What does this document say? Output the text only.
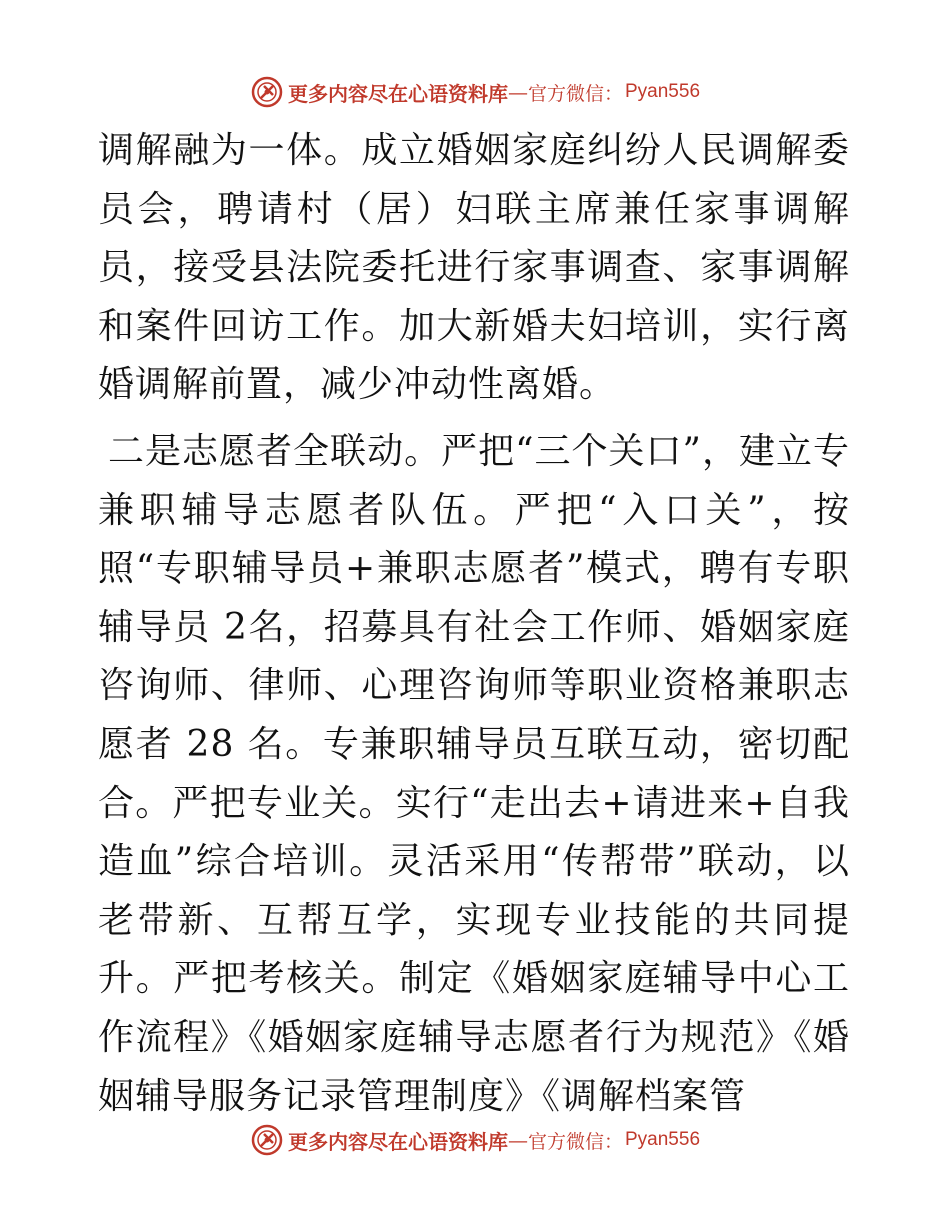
更多内容尽在心语资料库 — 官方微信： Pyan556

调解融为一体。成立婚姻家庭纠纷人民调解委员会，聘请村（居）妇联主席兼任家事调解员，接受县法院委托进行家事调查、家事调解和案件回访工作。加大新婚夫妇培训，实行离婚调解前置，减少冲动性离婚。

二是志愿者全联动。严把“三个关口”，建立专兼职辅导志愿者队伍。严把“入口关”，按照“专职辅导员+兼职志愿者”模式，聘有专职辅导员 2名，招募具有社会工作师、婚姻家庭咨询师、律师、心理咨询师等职业资格兼职志愿者 28 名。专兼职辅导员互联互动，密切配合。严把专业关。实行“走出去+请进来+自我造血”综合培训。灵活采用“传帮带”联动，以老带新、互帮互学，实现专业技能的共同提升。严把考核关。制定《婚姻家庭辅导中心工作流程》《婚姻家庭辅导志愿者行为规范》《婚姻辅导服务记录管理制度》《调解档案管

更多内容尽在心语资料库 — 官方微信： Pyan556
